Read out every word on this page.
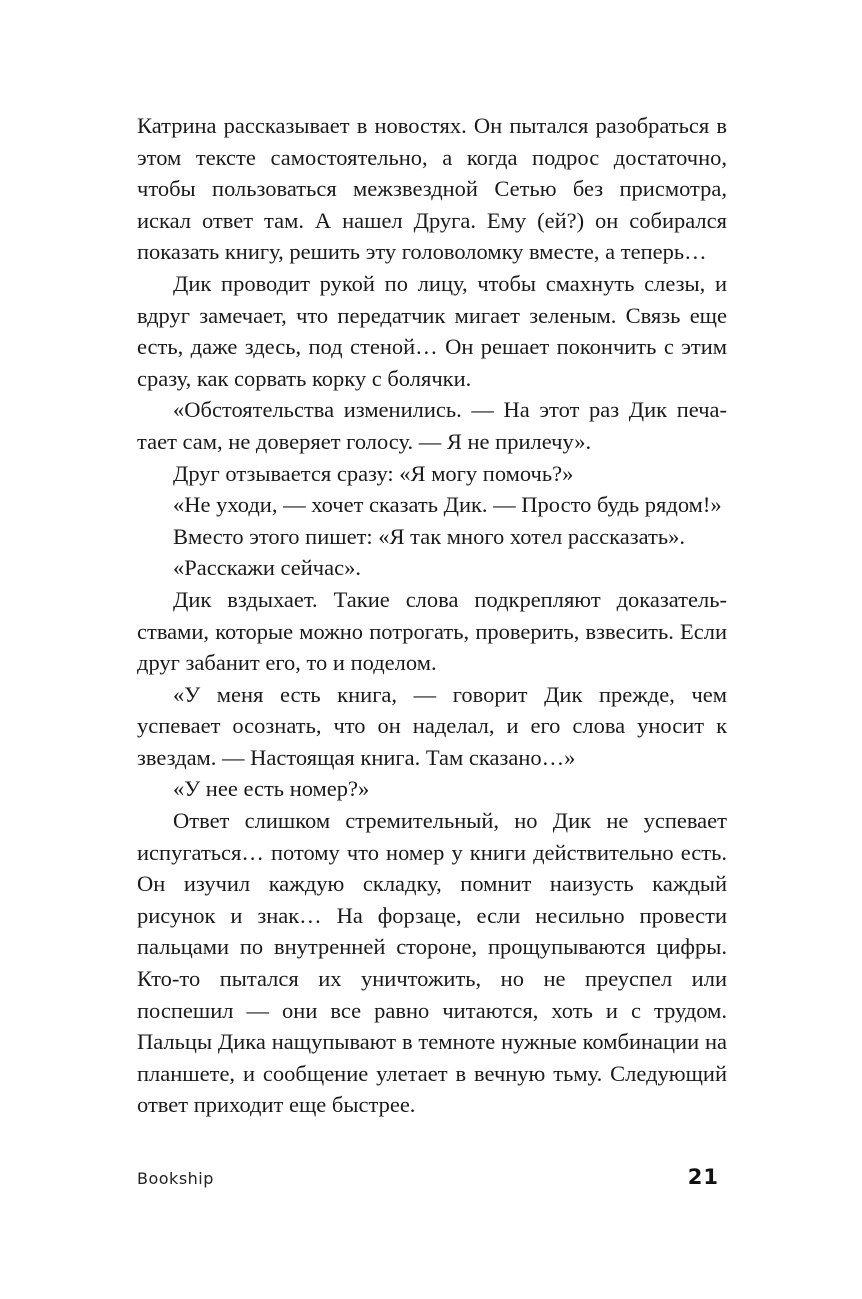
Катрина рассказывает в новостях. Он пытался разобраться в этом тексте самостоятельно, а когда подрос достаточно, чтобы пользоваться межзвездной Сетью без присмотра, искал ответ там. А нашел Друга. Ему (ей?) он собирался показать книгу, решить эту головоломку вместе, а теперь…

Дик проводит рукой по лицу, чтобы смахнуть слезы, и вдруг замечает, что передатчик мигает зеленым. Связь еще есть, даже здесь, под стеной… Он решает покончить с этим сразу, как сорвать корку с болячки.

«Обстоятельства изменились. — На этот раз Дик печатает сам, не доверяет голосу. — Я не прилечу».

Друг отзывается сразу: «Я могу помочь?»

«Не уходи, — хочет сказать Дик. — Просто будь рядом!»

Вместо этого пишет: «Я так много хотел рассказать».

«Расскажи сейчас».

Дик вздыхает. Такие слова подкрепляют доказательствами, которые можно потрогать, проверить, взвесить. Если друг забанит его, то и поделом.

«У меня есть книга, — говорит Дик прежде, чем успевает осознать, что он наделал, и его слова уносит к звездам. — Настоящая книга. Там сказано…»

«У нее есть номер?»

Ответ слишком стремительный, но Дик не успевает испугаться… потому что номер у книги действительно есть. Он изучил каждую складку, помнит наизусть каждый рисунок и знак… На форзаце, если несильно провести пальцами по внутренней стороне, прощупываются цифры. Кто-то пытался их уничтожить, но не преуспел или поспешил — они все равно читаются, хоть и с трудом. Пальцы Дика нащупывают в темноте нужные комбинации на планшете, и сообщение улетает в вечную тьму. Следующий ответ приходит еще быстрее.

Bookship	21
